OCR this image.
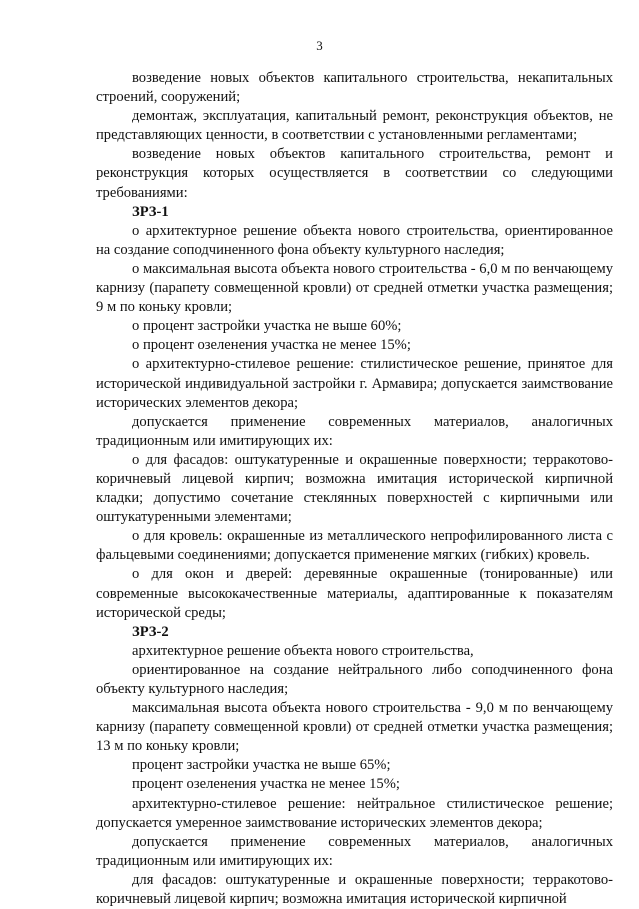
3

возведение новых объектов капитального строительства, некапитальных строений, сооружений;

демонтаж, эксплуатация, капитальный ремонт, реконструкция объектов, не представляющих ценности, в соответствии с установленными регламентами;

возведение новых объектов капитального строительства, ремонт и реконструкция которых осуществляется в соответствии со следующими требованиями:

ЗРЗ-1

о архитектурное решение объекта нового строительства, ориентированное на создание соподчиненного фона объекту культурного наследия;

о максимальная высота объекта нового строительства - 6,0 м по венчающему карнизу (парапету совмещенной кровли) от средней отметки участка размещения; 9 м по коньку кровли;

о процент застройки участка не выше 60%;

о процент озеленения участка не менее 15%;

о архитектурно-стилевое решение: стилистическое решение, принятое для исторической индивидуальной застройки г. Армавира; допускается заимствование исторических элементов декора;

допускается применение современных материалов, аналогичных традиционным или имитирующих их:

о для фасадов: оштукатуренные и окрашенные поверхности; терракотово-коричневый лицевой кирпич; возможна имитация исторической кирпичной кладки; допустимо сочетание стеклянных поверхностей с кирпичными или оштукатуренными элементами;

о для кровель: окрашенные из металлического непрофилированного листа с фальцевыми соединениями; допускается применение мягких (гибких) кровель.

о для окон и дверей: деревянные окрашенные (тонированные) или современные высококачественные материалы, адаптированные к показателям исторической среды;

ЗРЗ-2

архитектурное решение объекта нового строительства,

ориентированное на создание нейтрального либо соподчиненного фона объекту культурного наследия;

максимальная высота объекта нового строительства - 9,0 м по венчающему карнизу (парапету совмещенной кровли) от средней отметки участка размещения; 13 м по коньку кровли;

процент застройки участка не выше 65%;

процент озеленения участка не менее 15%;

архитектурно-стилевое решение: нейтральное стилистическое решение; допускается умеренное заимствование исторических элементов декора;

допускается применение современных материалов, аналогичных традиционным или имитирующих их:

для фасадов: оштукатуренные и окрашенные поверхности; терракотово-коричневый лицевой кирпич; возможна имитация исторической кирпичной
